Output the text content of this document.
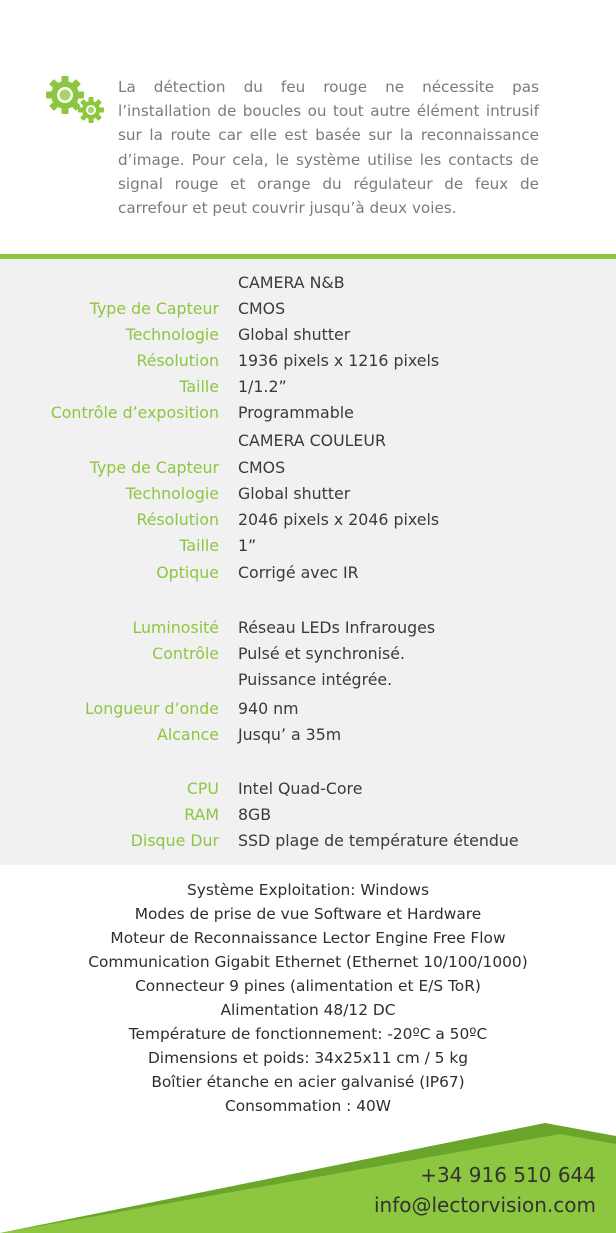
La détection du feu rouge ne nécessite pas l’installation de boucles ou tout autre élément intrusif sur la route car elle est basée sur la reconnaissance d’image. Pour cela, le système utilise les contacts de signal rouge et orange du régulateur de feux de carrefour et peut couvrir jusqu’à deux voies.

CAMERA N&B
Type de Capteur CMOS
Technologie Global shutter
Résolution 1936 pixels x 1216 pixels
Taille 1/1.2”
Contrôle d’exposition Programmable
CAMERA COULEUR
Type de Capteur CMOS
Technologie Global shutter
Résolution 2046 pixels x 2046 pixels
Taille 1”
Optique Corrigé avec IR
Luminosité Réseau LEDs Infrarouges
Contrôle Pulsé et synchronisé.
Puissance intégrée.
Longueur d’onde 940 nm
Alcance Jusqu’ a 35m
CPU Intel Quad-Core
RAM 8GB
Disque Dur SSD plage de température étendue
Système Exploitation: Windows
Modes de prise de vue Software et Hardware
Moteur de Reconnaissance Lector Engine Free Flow
Communication Gigabit Ethernet (Ethernet 10/100/1000)
Connecteur 9 pines (alimentation et E/S ToR)
Alimentation 48/12 DC
Température de fonctionnement: -20ºC a 50ºC
Dimensions et poids: 34x25x11 cm / 5 kg
Boîtier étanche en acier galvanisé (IP67)
Consommation : 40W
+34 916 510 644
info@lectorvision.com
